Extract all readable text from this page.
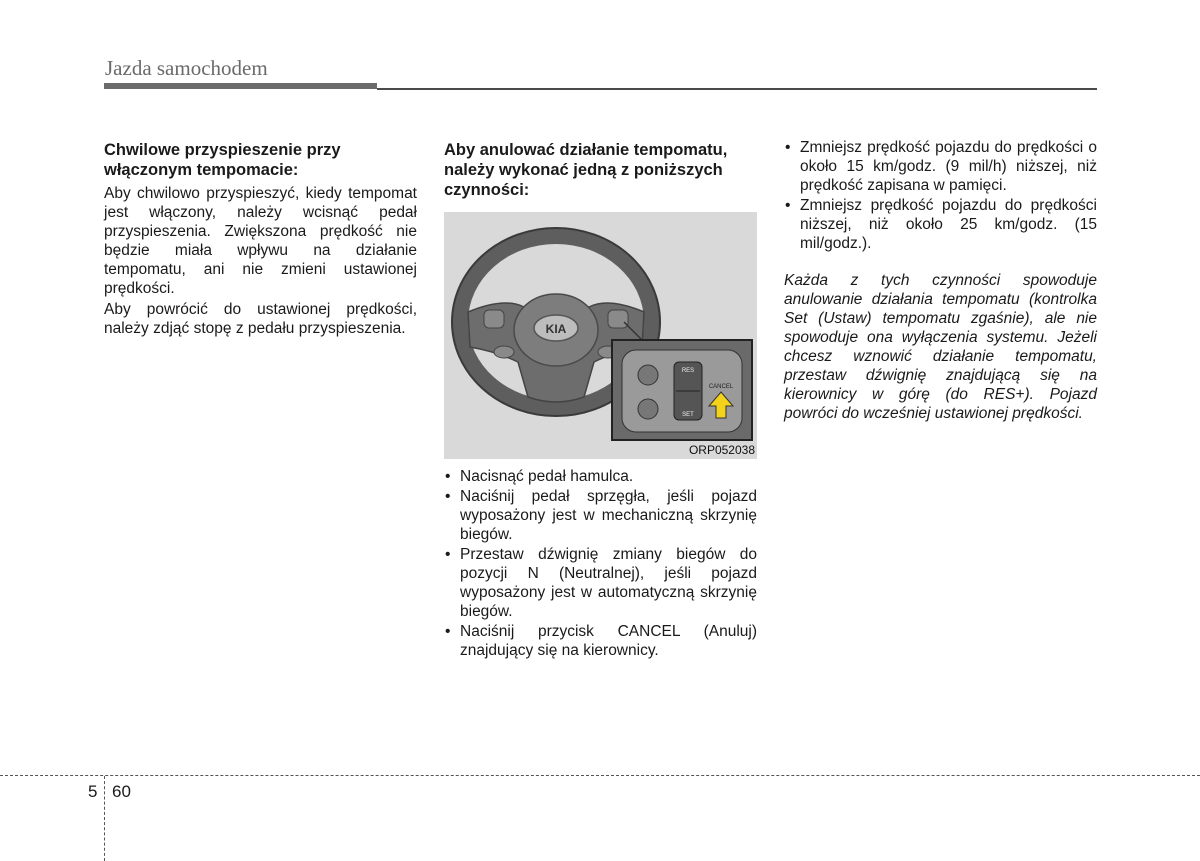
Jazda samochodem
Chwilowe przyspieszenie przy włączonym tempomacie:

Aby chwilowo przyspieszyć, kiedy tempomat jest włączony, należy wcisnąć pedał przyspieszenia. Zwiększona prędkość nie będzie miała wpływu na działanie tempomatu, ani nie zmieni ustawionej prędkości.

Aby powrócić do ustawionej prędkości, należy zdjąć stopę z pedału przyspieszenia.

Aby anulować działanie tempomatu, należy wykonać jedną z poniższych czynności:
KIA
RES
SET
CANCEL
ORP052038
• Nacisnąć pedał hamulca.
• Naciśnij pedał sprzęgła, jeśli pojazd wyposażony jest w mechaniczną skrzynię biegów.
• Przestaw dźwignię zmiany biegów do pozycji N (Neutralnej), jeśli pojazd wyposażony jest w automatyczną skrzynię biegów.
• Naciśnij przycisk CANCEL (Anuluj) znajdujący się na kierownicy.
• Zmniejsz prędkość pojazdu do prędkości o około 15 km/godz. (9 mil/h) niższej, niż prędkość zapisana w pamięci.
• Zmniejsz prędkość pojazdu do prędkości niższej, niż około 25 km/godz. (15 mil/godz.).

Każda z tych czynności spowoduje anulowanie działania tempomatu (kontrolka Set (Ustaw) tempomatu zgaśnie), ale nie spowoduje ona wyłączenia systemu. Jeżeli chcesz wznowić działanie tempomatu, przestaw dźwignię znajdującą się na kierownicy w górę (do RES+). Pojazd powróci do wcześniej ustawionej prędkości.

5 60
